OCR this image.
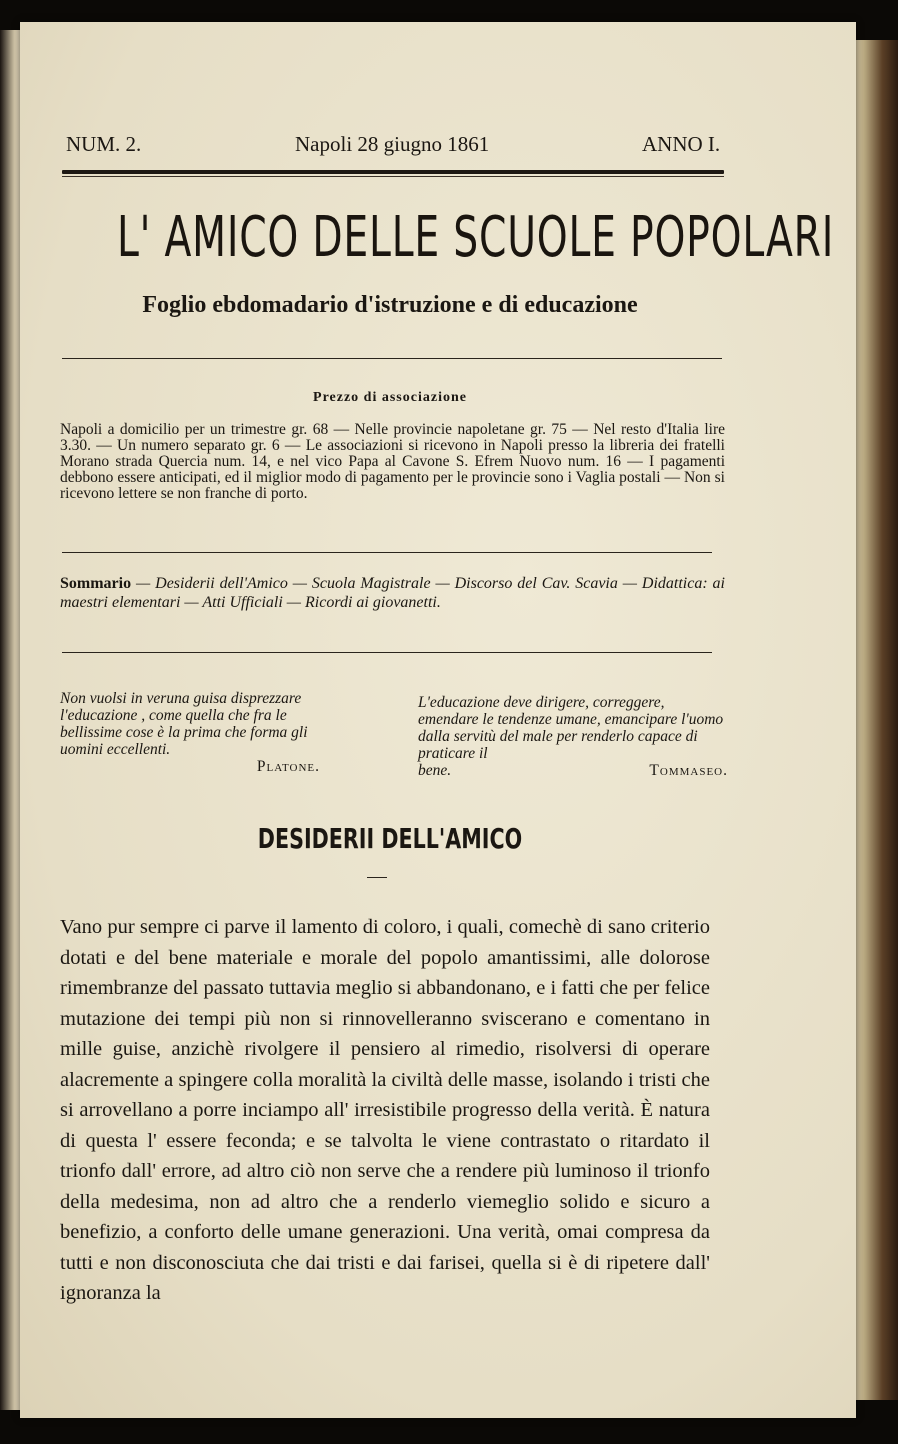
NUM. 2.	Napoli 28 giugno 1861	ANNO I.
L' AMICO DELLE SCUOLE POPOLARI
Foglio ebdomadario d'istruzione e di educazione
Prezzo di associazione
Napoli a domicilio per un trimestre gr. 68 — Nelle provincie napoletane gr. 75 — Nel resto d'Italia lire 3.30. — Un numero separato gr. 6 — Le associazioni si ricevono in Napoli presso la libreria dei fratelli Morano strada Quercia num. 14, e nel vico Papa al Cavone S. Efrem Nuovo num. 16 — I pagamenti debbono essere anticipati, ed il miglior modo di pagamento per le provincie sono i Vaglia postali — Non si ricevono lettere se non franche di porto.
Sommario — Desiderii dell'Amico — Scuola Magistrale — Discorso del Cav. Scavia — Didattica: ai maestri elementari — Atti Ufficiali — Ricordi ai giovanetti.
Non vuolsi in veruna guisa disprezzare l'educazione , come quella che fra le bellissime cose è la prima che forma gli uomini eccellenti.
Platone.
L'educazione deve dirigere, correggere, emendare le tendenze umane, emancipare l'uomo dalla servitù del male per renderlo capace di praticare il
bene.	Tommaseo.
DESIDERII DELL'AMICO

Vano pur sempre ci parve il lamento di coloro, i quali, comechè di sano criterio dotati e del bene materiale e morale del popolo amantissimi, alle dolorose rimembranze del passato tuttavia meglio si abbandonano, e i fatti che per felice mutazione dei tempi più non si rinnovelleranno sviscerano e comentano in mille guise, anzichè rivolgere il pensiero al rimedio, risolversi di operare alacremente a spingere colla moralità la civiltà delle masse, isolando i tristi che si arrovellano a porre inciampo all' irresistibile progresso della verità. È natura di questa l' essere feconda; e se talvolta le viene contrastato o ritardato il trionfo dall' errore, ad altro ciò non serve che a rendere più luminoso il trionfo della medesima, non ad altro che a renderlo viemeglio solido e sicuro a benefizio, a conforto delle umane generazioni. Una verità, omai compresa da tutti e non disconosciuta che dai tristi e dai farisei, quella si è di ripetere dall' ignoranza la
